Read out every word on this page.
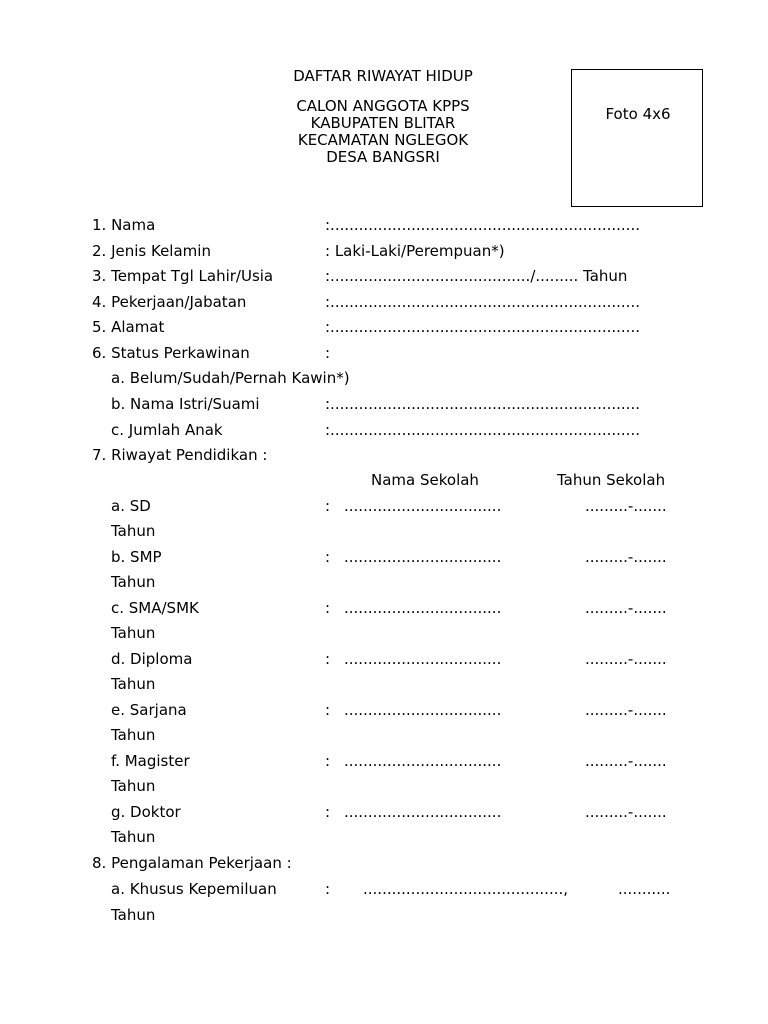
DAFTAR RIWAYAT HIDUP
CALON ANGGOTA KPPS
KABUPATEN BLITAR
KECAMATAN NGLEGOK
DESA BANGSRI
Foto 4x6
1. Nama	:.................................................................
2. Jenis Kelamin	: Laki-Laki/Perempuan*)
3. Tempat Tgl Lahir/Usia	:........................................../......... Tahun
4. Pekerjaan/Jabatan	:.................................................................
5. Alamat	:.................................................................
6. Status Perkawinan	:
a. Belum/Sudah/Pernah Kawin*)
b. Nama Istri/Suami	:.................................................................
c. Jumlah Anak	:.................................................................
7. Riwayat Pendidikan :
Nama Sekolah	Tahun Sekolah
a. SD	: .................................	.........-.......
Tahun
b. SMP	: .................................	.........-.......
Tahun
c. SMA/SMK	: .................................	.........-.......
Tahun
d. Diploma	: .................................	.........-.......
Tahun
e. Sarjana	: .................................	.........-.......
Tahun
f. Magister	: .................................	.........-.......
Tahun
g. Doktor	: .................................	.........-.......
Tahun
8. Pengalaman Pekerjaan :
a. Khusus Kepemiluan	: ..........................................,	...........
Tahun
